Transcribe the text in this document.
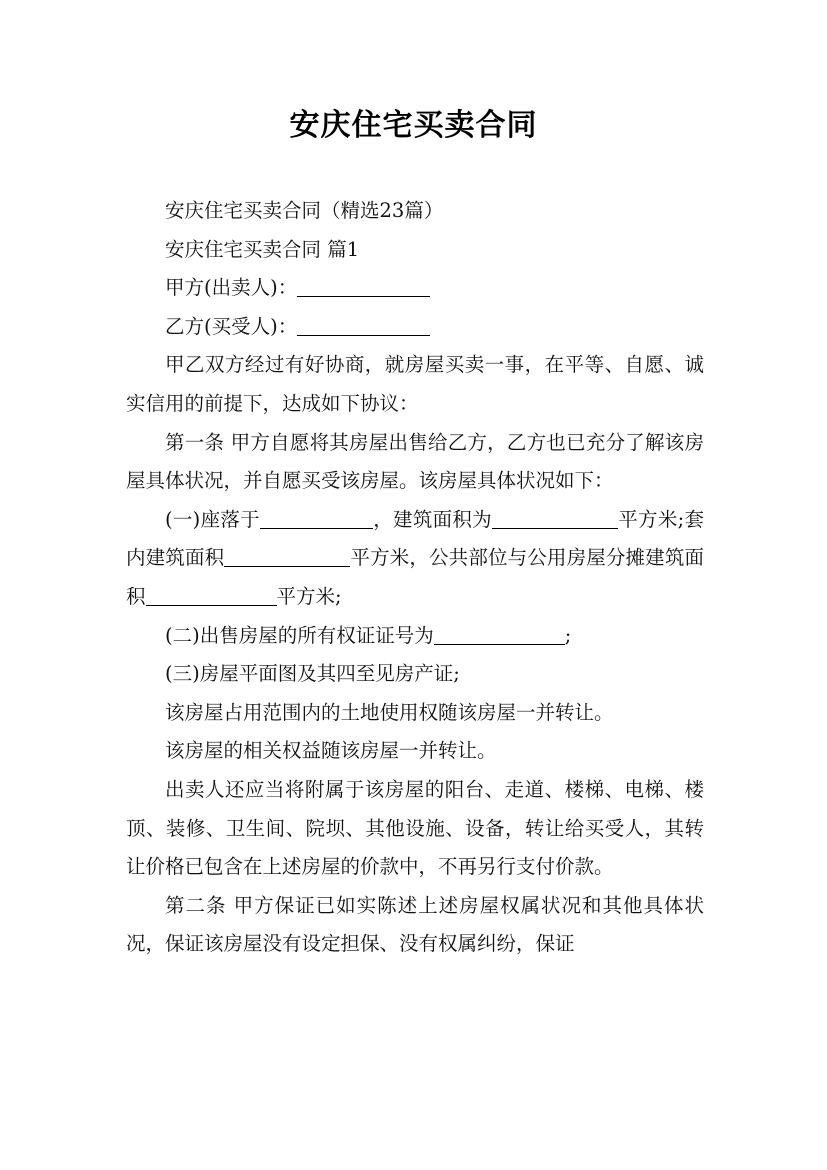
安庆住宅买卖合同

安庆住宅买卖合同（精选23篇）

安庆住宅买卖合同 篇1

甲方(出卖人)：

乙方(买受人)：

甲乙双方经过有好协商，就房屋买卖一事，在平等、自愿、诚实信用的前提下，达成如下协议：

第一条 甲方自愿将其房屋出售给乙方，乙方也已充分了解该房屋具体状况，并自愿买受该房屋。该房屋具体状况如下：

(一)座落于	，建筑面积为	平方米;套内建筑面积	平方米，公共部位与公用房屋分摊建筑面积	平方米;

(二)出售房屋的所有权证证号为	;

(三)房屋平面图及其四至见房产证;

该房屋占用范围内的土地使用权随该房屋一并转让。

该房屋的相关权益随该房屋一并转让。

出卖人还应当将附属于该房屋的阳台、走道、楼梯、电梯、楼顶、装修、卫生间、院坝、其他设施、设备，转让给买受人，其转让价格已包含在上述房屋的价款中，不再另行支付价款。

第二条 甲方保证已如实陈述上述房屋权属状况和其他具体状况，保证该房屋没有设定担保、没有权属纠纷，保证
